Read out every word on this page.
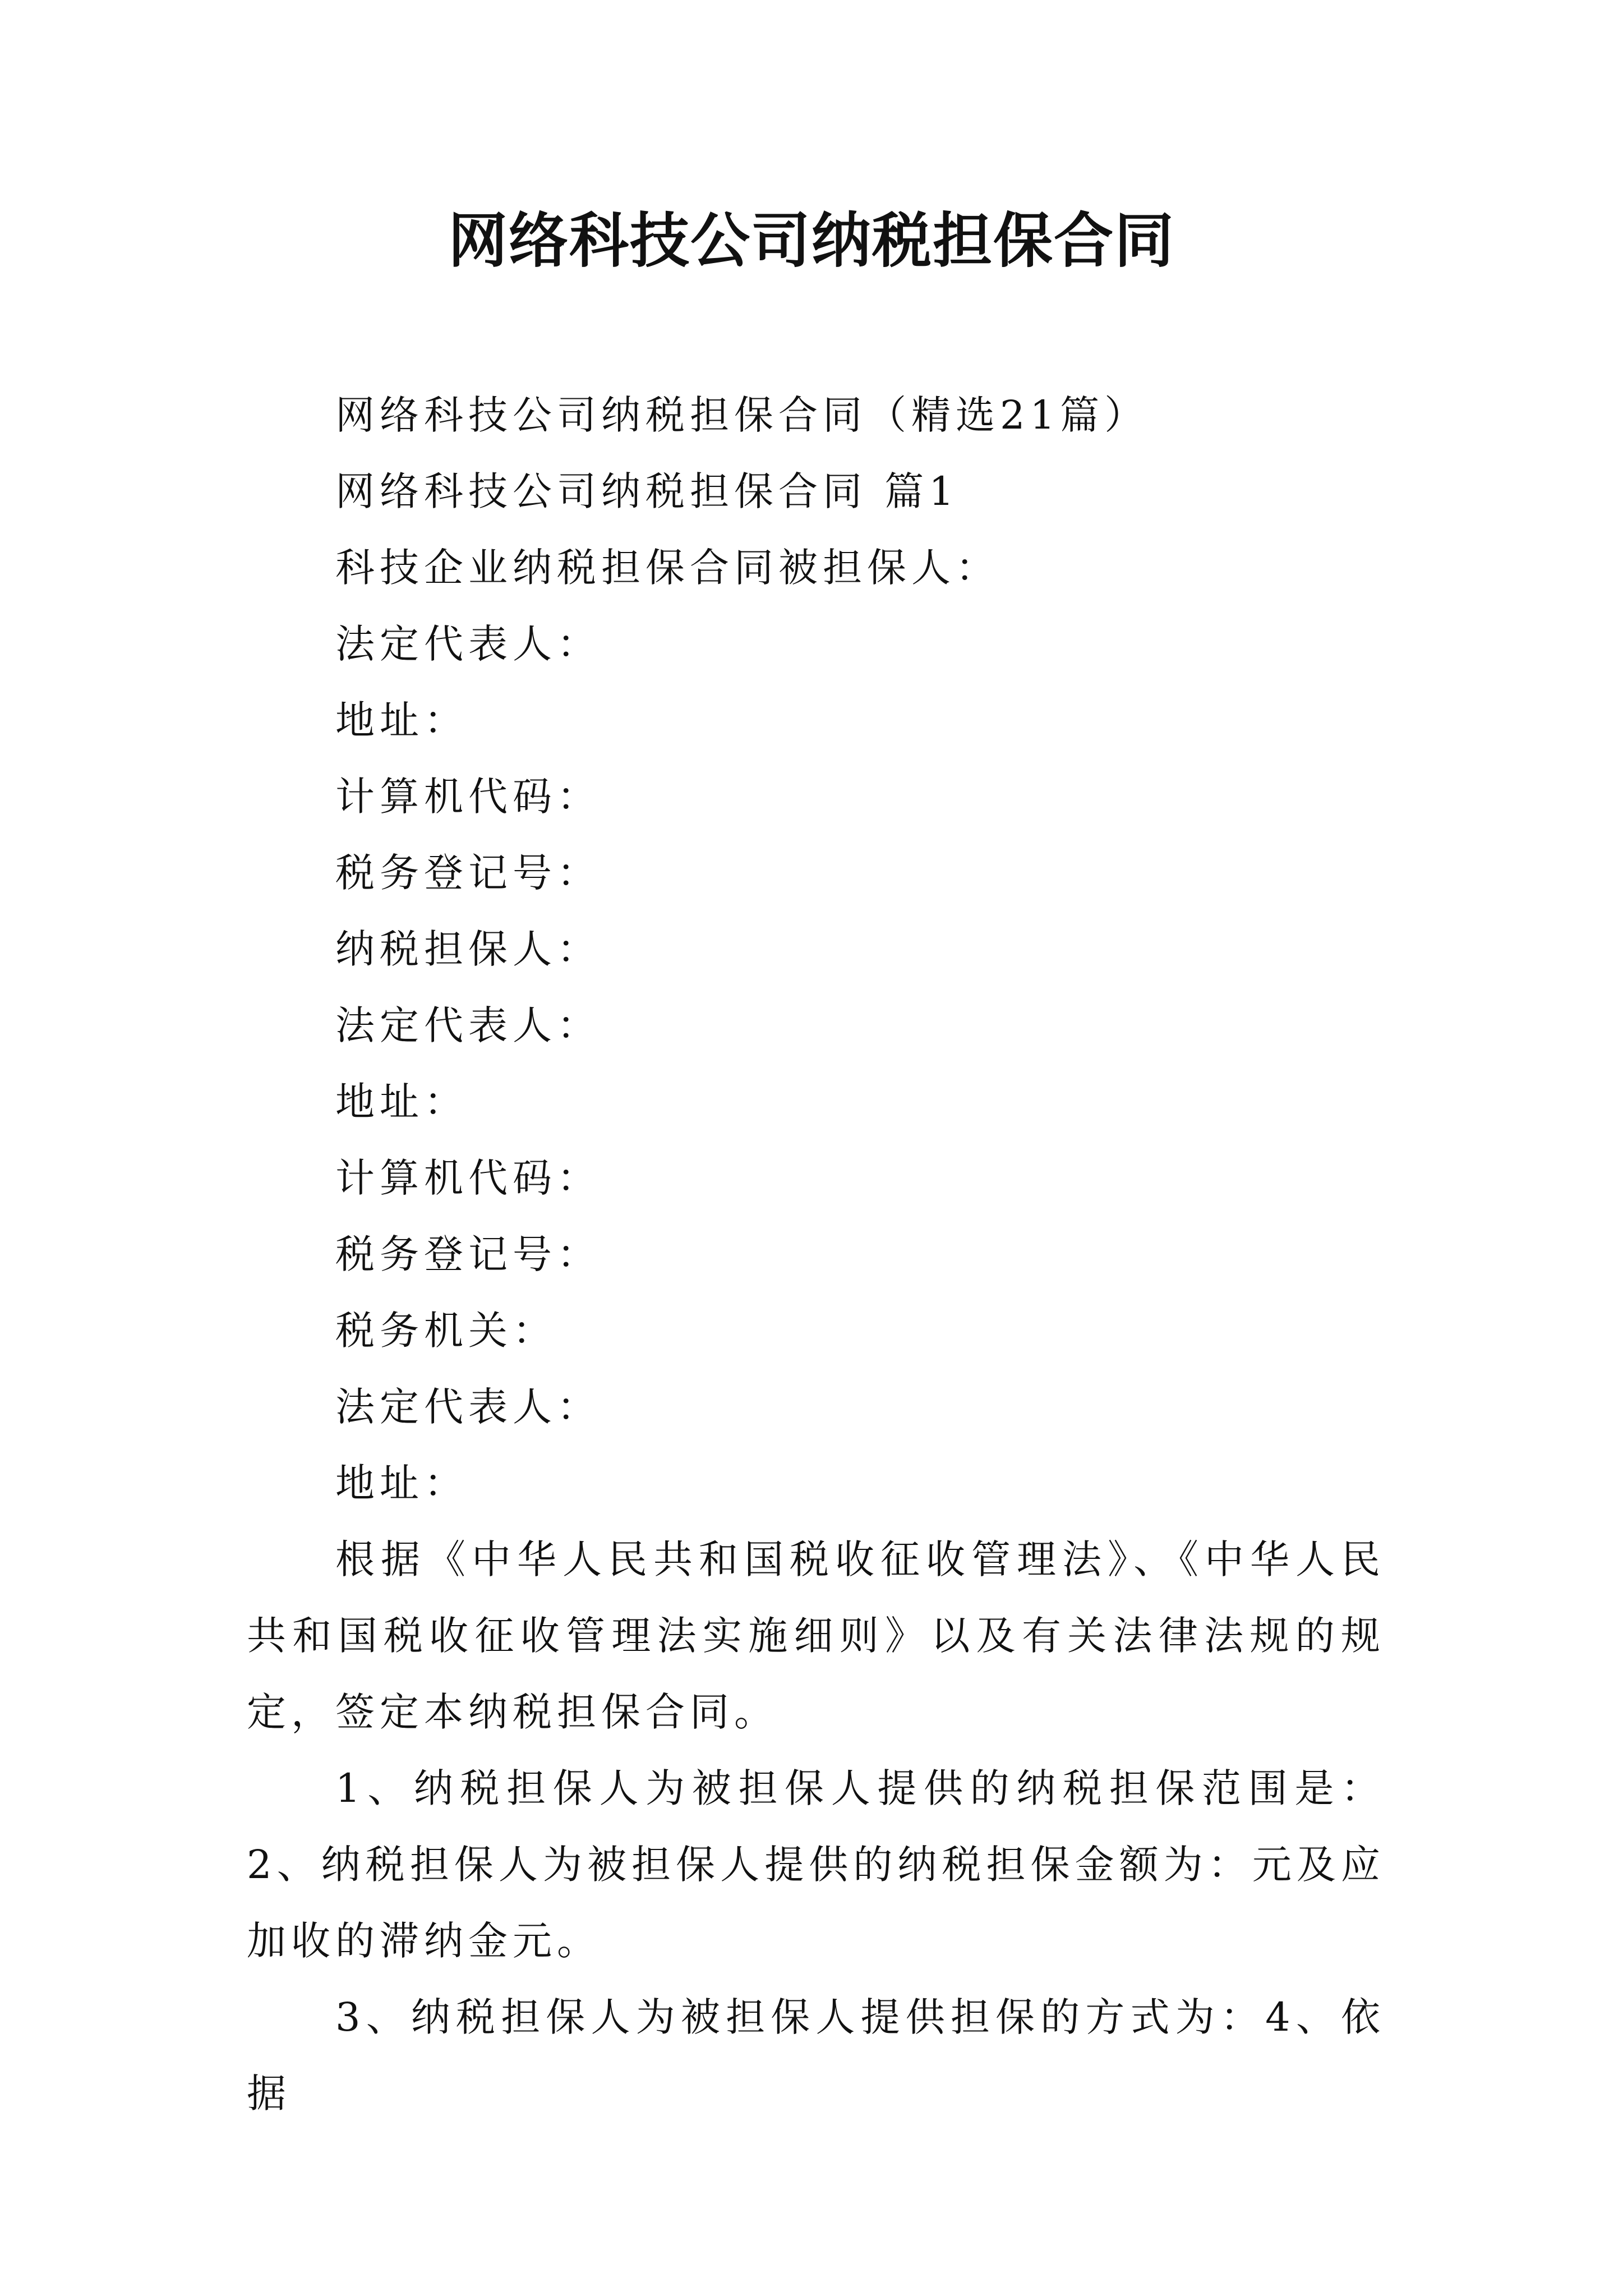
网络科技公司纳税担保合同
网络科技公司纳税担保合同（精选21篇）
网络科技公司纳税担保合同 篇1
科技企业纳税担保合同被担保人：
法定代表人：
地址：
计算机代码：
税务登记号：
纳税担保人：
法定代表人：
地址：
计算机代码：
税务登记号：
税务机关：
法定代表人：
地址：
根据《中华人民共和国税收征收管理法》、《中华人民共和国税收征收管理法实施细则》以及有关法律法规的规定，签定本纳税担保合同。
1、纳税担保人为被担保人提供的纳税担保范围是：2、纳税担保人为被担保人提供的纳税担保金额为：元及应加收的滞纳金元。
3、纳税担保人为被担保人提供担保的方式为：4、依据
